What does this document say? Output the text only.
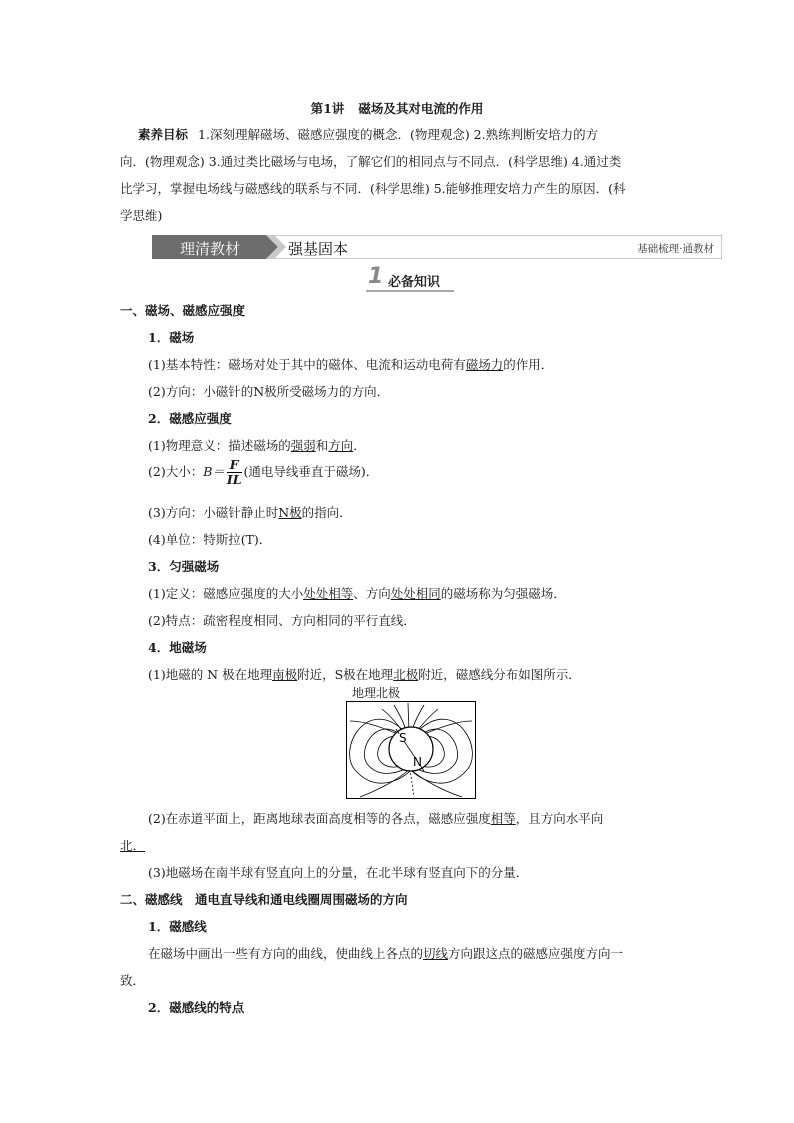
第1讲 磁场及其对电流的作用
素养目标 1.深刻理解磁场、磁感应强度的概念．(物理观念) 2.熟练判断安培力的方
向．(物理观念) 3.通过类比磁场与电场，了解它们的相同点与不同点．(科学思维) 4.通过类
比学习，掌握电场线与磁感线的联系与不同．(科学思维) 5.能够推理安培力产生的原因．(科
学思维)
理清教材	强基固本	基础梳理·通教材
1 必备知识
一、磁场、磁感应强度
1．磁场
(1)基本特性：磁场对处于其中的磁体、电流和运动电荷有磁场力的作用．
(2)方向：小磁针的N极所受磁场力的方向．
2．磁感应强度
(1)物理意义：描述磁场的强弱和方向．
(2)大小：$B= \frac{F}{IL}$ (通电导线垂直于磁场)．
(3)方向：小磁针静止时N极的指向．
(4)单位：特斯拉(T)．
3．匀强磁场
(1)定义：磁感应强度的大小处处相等、方向处处相同的磁场称为匀强磁场．
(2)特点：疏密程度相同、方向相同的平行直线．
4．地磁场
(1)地磁的 N 极在地理南极附近，S极在地理北极附近，磁感线分布如图所示．
地理北极
S
N
(2)在赤道平面上，距离地球表面高度相等的各点，磁感应强度相等，且方向水平向
北．
(3)地磁场在南半球有竖直向上的分量，在北半球有竖直向下的分量．
二、磁感线　通电直导线和通电线圈周围磁场的方向
1．磁感线
在磁场中画出一些有方向的曲线，使曲线上各点的切线方向跟这点的磁感应强度方向一
致．
2．磁感线的特点
